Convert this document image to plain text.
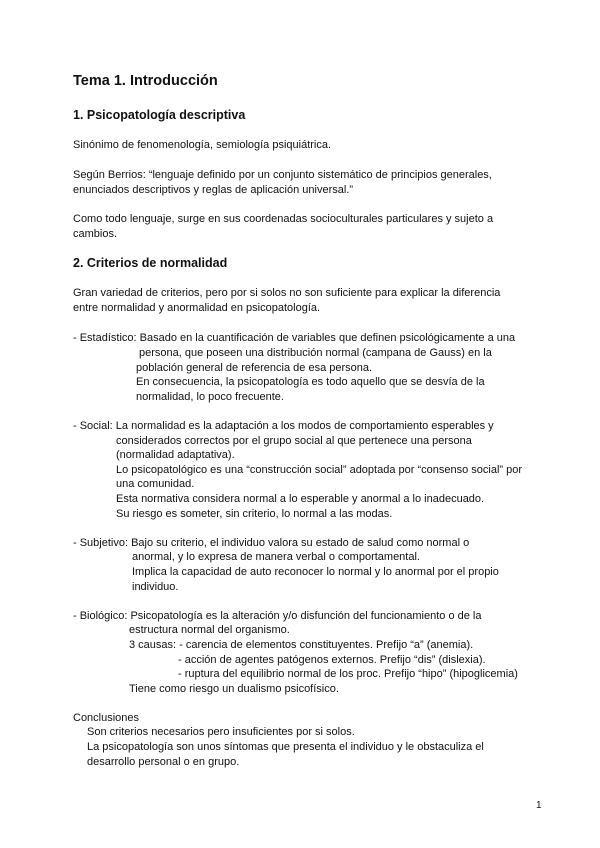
Tema 1. Introducción
1. Psicopatología descriptiva
Sinónimo de fenomenología, semiología psiquiátrica.
Según Berrios: “lenguaje definido por un conjunto sistemático de principios generales,
enunciados descriptivos y reglas de aplicación universal.”
Como todo lenguaje, surge en sus coordenadas socioculturales particulares y sujeto a
cambios.
2. Criterios de normalidad
Gran variedad de criterios, pero por si solos no son suficiente para explicar la diferencia
entre normalidad y anormalidad en psicopatología.
- Estadístico: Basado en la cuantificación de variables que definen psicológicamente a una
persona, que poseen una distribución normal (campana de Gauss) en la
población general de referencia de esa persona.
En consecuencia, la psicopatología es todo aquello que se desvía de la
normalidad, lo poco frecuente.
- Social: La normalidad es la adaptación a los modos de comportamiento esperables y
considerados correctos por el grupo social al que pertenece una persona
(normalidad adaptativa).
Lo psicopatológico es una “construcción social” adoptada por “consenso social” por
una comunidad.
Esta normativa considera normal a lo esperable y anormal a lo inadecuado.
Su riesgo es someter, sin criterio, lo normal a las modas.
- Subjetivo: Bajo su criterio, el individuo valora su estado de salud como normal o
anormal, y lo expresa de manera verbal o comportamental.
Implica la capacidad de auto reconocer lo normal y lo anormal por el propio
individuo.
- Biológico: Psicopatología es la alteración y/o disfunción del funcionamiento o de la
estructura normal del organismo.
3 causas: - carencia de elementos constituyentes. Prefijo “a” (anemia).
- acción de agentes patógenos externos. Prefijo “dis” (dislexia).
- ruptura del equilibrio normal de los proc. Prefijo “hipo” (hipoglicemia)
Tiene como riesgo un dualismo psicofísico.
Conclusiones
Son criterios necesarios pero insuficientes por si solos.
La psicopatología son unos síntomas que presenta el individuo y le obstaculiza el
desarrollo personal o en grupo.
1
